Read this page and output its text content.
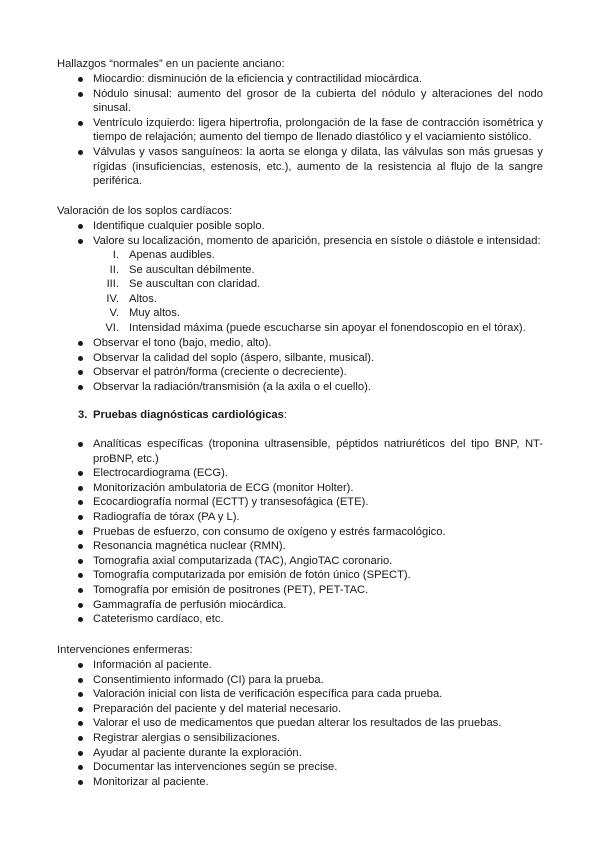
Hallazgos “normales” en un paciente anciano:
Miocardio: disminución de la eficiencia y contractilidad miocárdica.
Nódulo sinusal: aumento del grosor de la cubierta del nódulo y alteraciones del nodo sinusal.
Ventrículo izquierdo: ligera hipertrofia, prolongación de la fase de contracción isométrica y tiempo de relajación; aumento del tiempo de llenado diastólico y el vaciamiento sistólico.
Válvulas y vasos sanguíneos: la aorta se elonga y dilata, las válvulas son más gruesas y rígidas (insuficiencias, estenosis, etc.), aumento de la resistencia al flujo de la sangre periférica.
Valoración de los soplos cardíacos:
Identifique cualquier posible soplo.
Valore su localización, momento de aparición, presencia en sístole o diástole e intensidad:
I. Apenas audibles.
II. Se auscultan débilmente.
III. Se auscultan con claridad.
IV. Altos.
V. Muy altos.
VI. Intensidad máxima (puede escucharse sin apoyar el fonendoscopio en el tórax).
Observar el tono (bajo, medio, alto).
Observar la calidad del soplo (áspero, silbante, musical).
Observar el patrón/forma (creciente o decreciente).
Observar la radiación/transmisión (a la axila o el cuello).
3. Pruebas diagnósticas cardiológicas:
Analíticas específicas (troponina ultrasensible, péptidos natriuréticos del tipo BNP, NT-proBNP, etc.)
Electrocardiograma (ECG).
Monitorización ambulatoria de ECG (monitor Holter).
Ecocardiografía normal (ECTT) y transesofágica (ETE).
Radiografía de tórax (PA y L).
Pruebas de esfuerzo, con consumo de oxígeno y estrés farmacológico.
Resonancia magnética nuclear (RMN).
Tomografía axial computarizada (TAC), AngioTAC coronario.
Tomografía computarizada por emisión de fotón único (SPECT).
Tomografía por emisión de positrones (PET), PET-TAC.
Gammagrafía de perfusión miocárdica.
Cateterismo cardíaco, etc.
Intervenciones enfermeras:
Información al paciente.
Consentimiento informado (CI) para la prueba.
Valoración inicial con lista de verificación específica para cada prueba.
Preparación del paciente y del material necesario.
Valorar el uso de medicamentos que puedan alterar los resultados de las pruebas.
Registrar alergias o sensibilizaciones.
Ayudar al paciente durante la exploración.
Documentar las intervenciones según se precise.
Monitorizar al paciente.
